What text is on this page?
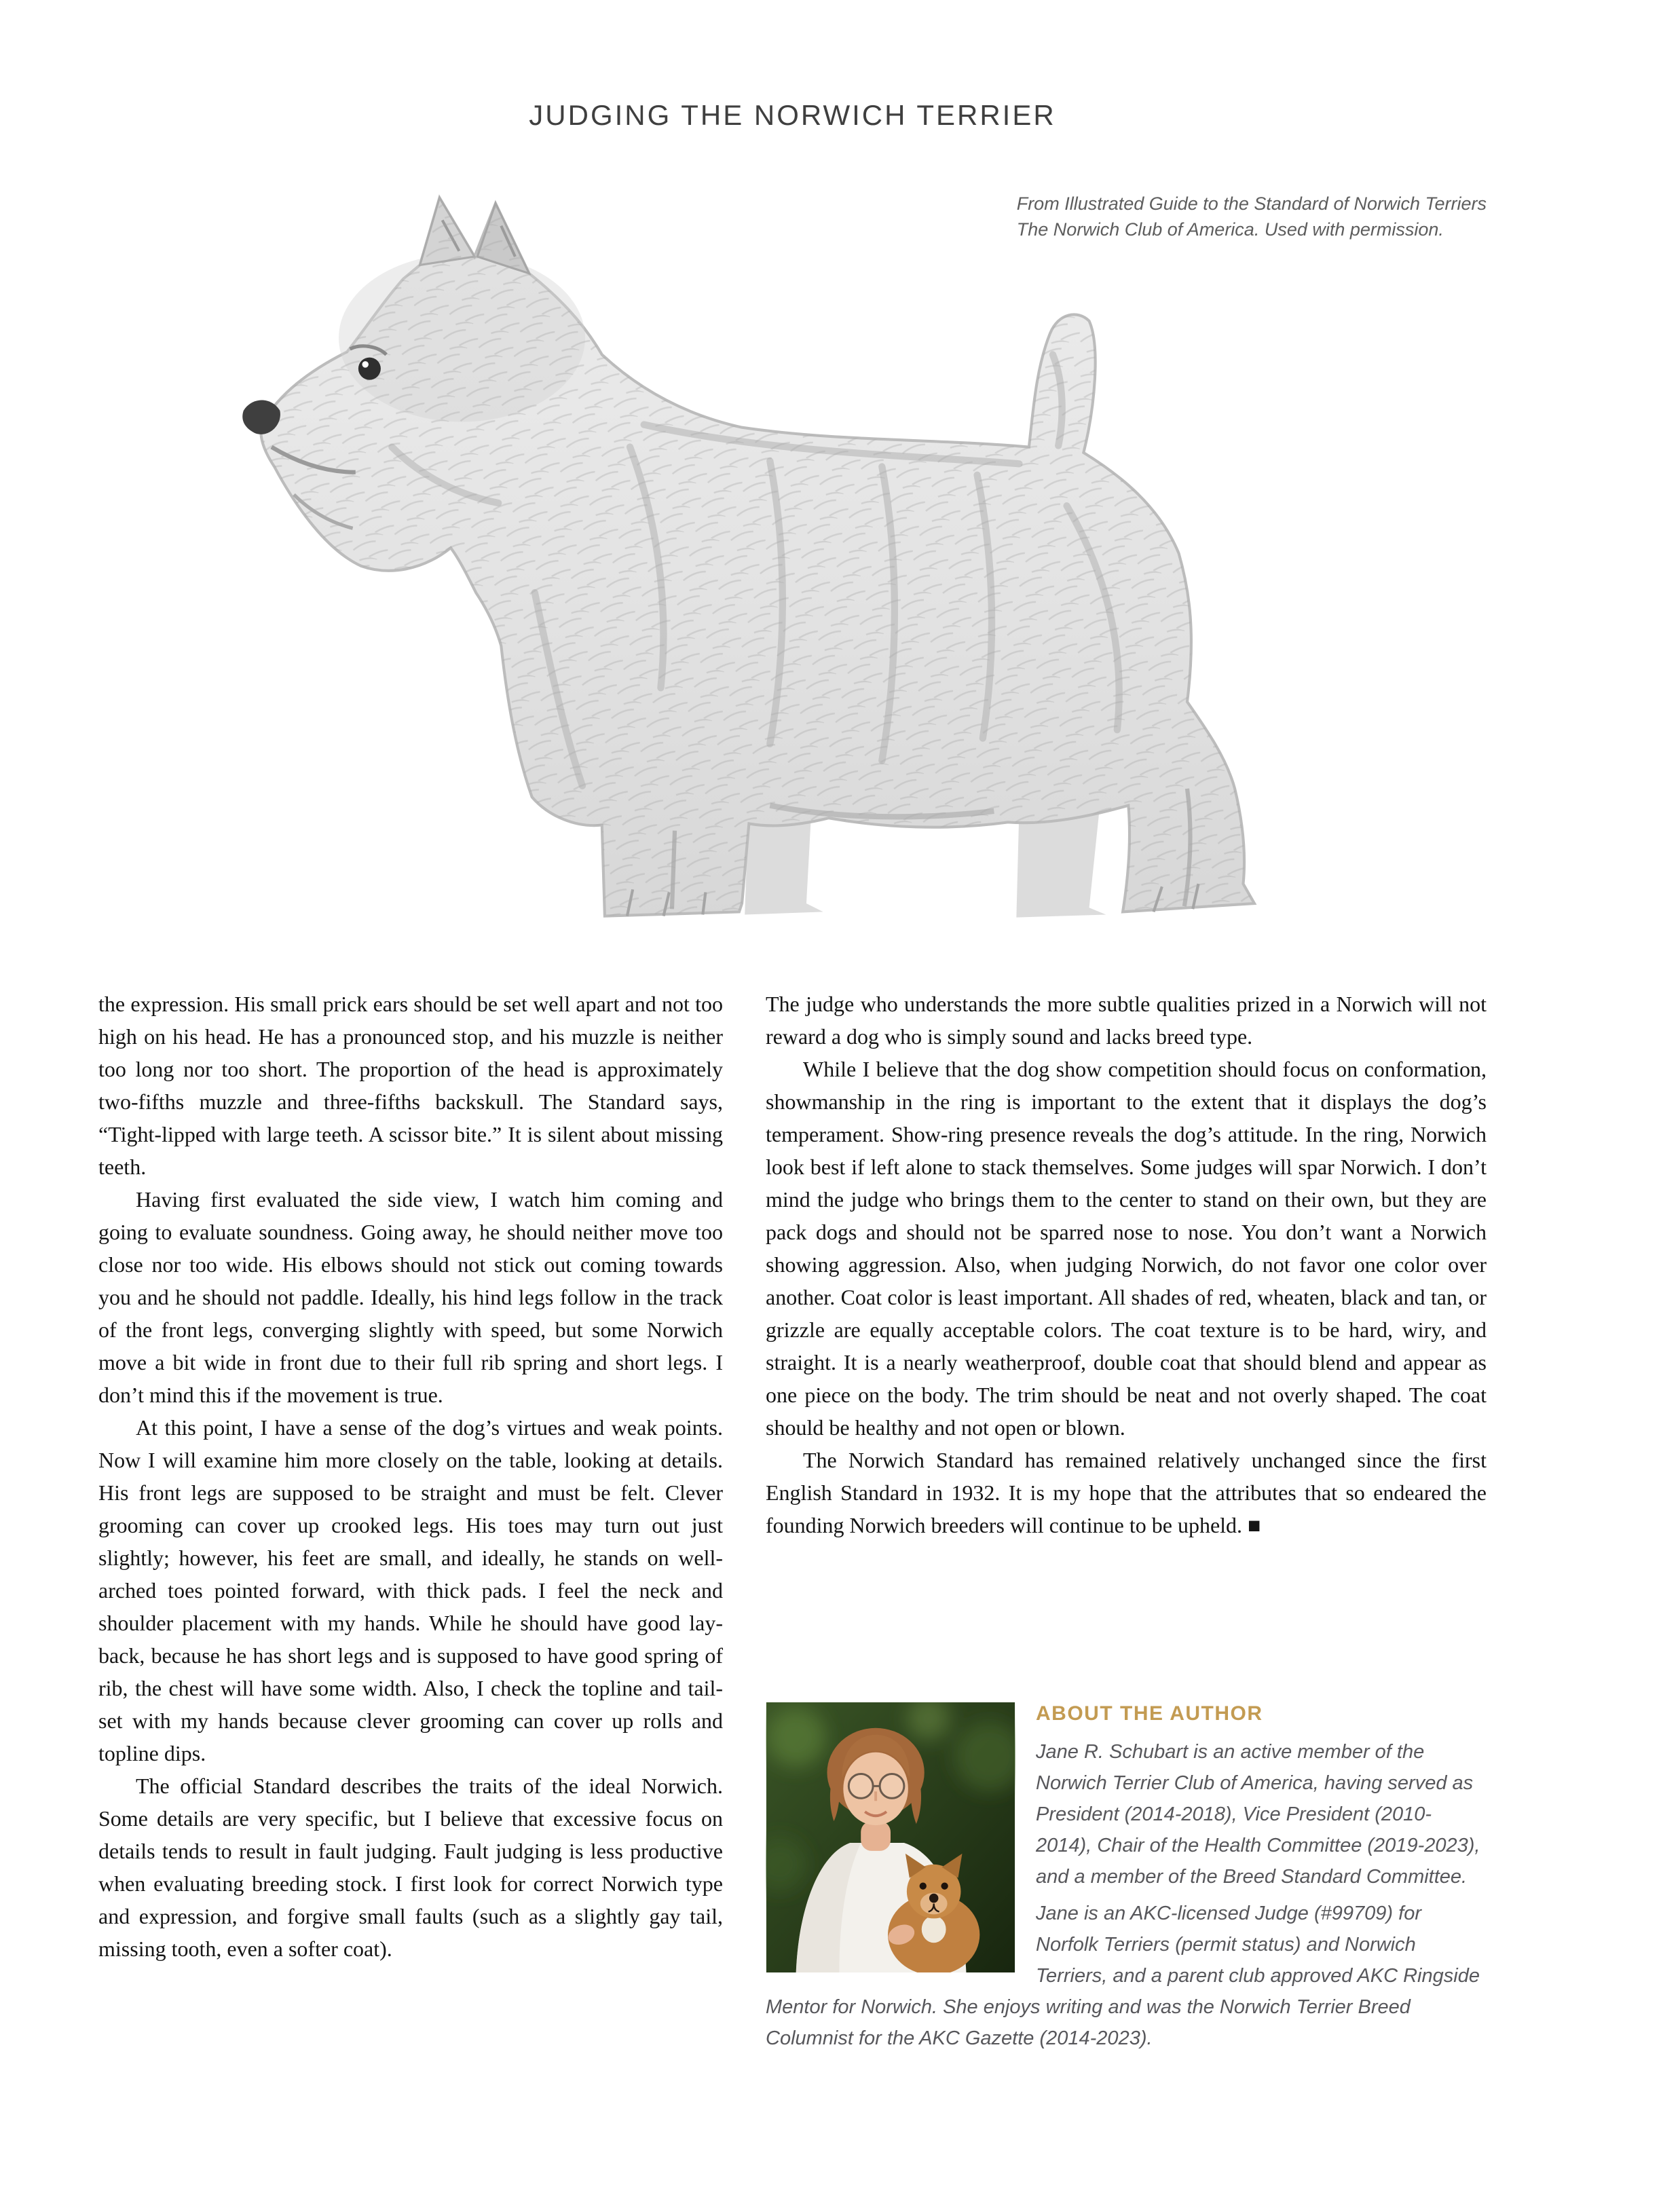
JUDGING THE NORWICH TERRIER
From Illustrated Guide to the Standard of Norwich Terriers
The Norwich Club of America. Used with permission.

the expression. His small prick ears should be set well apart and not too high on his head. He has a pronounced stop, and his muzzle is neither too long nor too short. The proportion of the head is approximately two-fifths muzzle and three-fifths backskull. The Standard says, “Tight-lipped with large teeth. A scissor bite.” It is silent about missing teeth.

Having first evaluated the side view, I watch him coming and going to evaluate soundness. Going away, he should neither move too close nor too wide. His elbows should not stick out coming towards you and he should not paddle. Ideally, his hind legs follow in the track of the front legs, converging slightly with speed, but some Norwich move a bit wide in front due to their full rib spring and short legs. I don’t mind this if the movement is true.

At this point, I have a sense of the dog’s virtues and weak points. Now I will examine him more closely on the table, looking at details. His front legs are supposed to be straight and must be felt. Clever grooming can cover up crooked legs. His toes may turn out just slightly; however, his feet are small, and ideally, he stands on well-arched toes pointed forward, with thick pads. I feel the neck and shoulder placement with my hands. While he should have good lay-back, because he has short legs and is supposed to have good spring of rib, the chest will have some width. Also, I check the topline and tail-set with my hands because clever grooming can cover up rolls and topline dips.

The official Standard describes the traits of the ideal Norwich. Some details are very specific, but I believe that excessive focus on details tends to result in fault judging. Fault judging is less productive when evaluating breeding stock. I first look for correct Norwich type and expression, and forgive small faults (such as a slightly gay tail, missing tooth, even a softer coat).

The judge who understands the more subtle qualities prized in a Norwich will not reward a dog who is simply sound and lacks breed type.

While I believe that the dog show competition should focus on conformation, showmanship in the ring is important to the extent that it displays the dog’s temperament. Show-ring presence reveals the dog’s attitude. In the ring, Norwich look best if left alone to stack themselves. Some judges will spar Norwich. I don’t mind the judge who brings them to the center to stand on their own, but they are pack dogs and should not be sparred nose to nose. You don’t want a Norwich showing aggression. Also, when judging Norwich, do not favor one color over another. Coat color is least important. All shades of red, wheaten, black and tan, or grizzle are equally acceptable colors. The coat texture is to be hard, wiry, and straight. It is a nearly weatherproof, double coat that should blend and appear as one piece on the body. The trim should be neat and not overly shaped. The coat should be healthy and not open or blown.

The Norwich Standard has remained relatively unchanged since the first English Standard in 1932. It is my hope that the attributes that so endeared the founding Norwich breeders will continue to be upheld. ■

ABOUT THE AUTHOR

Jane R. Schubart is an active member of the Norwich Terrier Club of America, having served as President (2014-2018), Vice President (2010-2014), Chair of the Health Committee (2019-2023), and a member of the Breed Standard Committee.

Jane is an AKC-licensed Judge (#99709) for Norfolk Terriers (permit status) and Norwich Terriers, and a parent club approved AKC Ringside Mentor for Norwich. She enjoys writing and was the Norwich Terrier Breed Columnist for the AKC Gazette (2014-2023).
